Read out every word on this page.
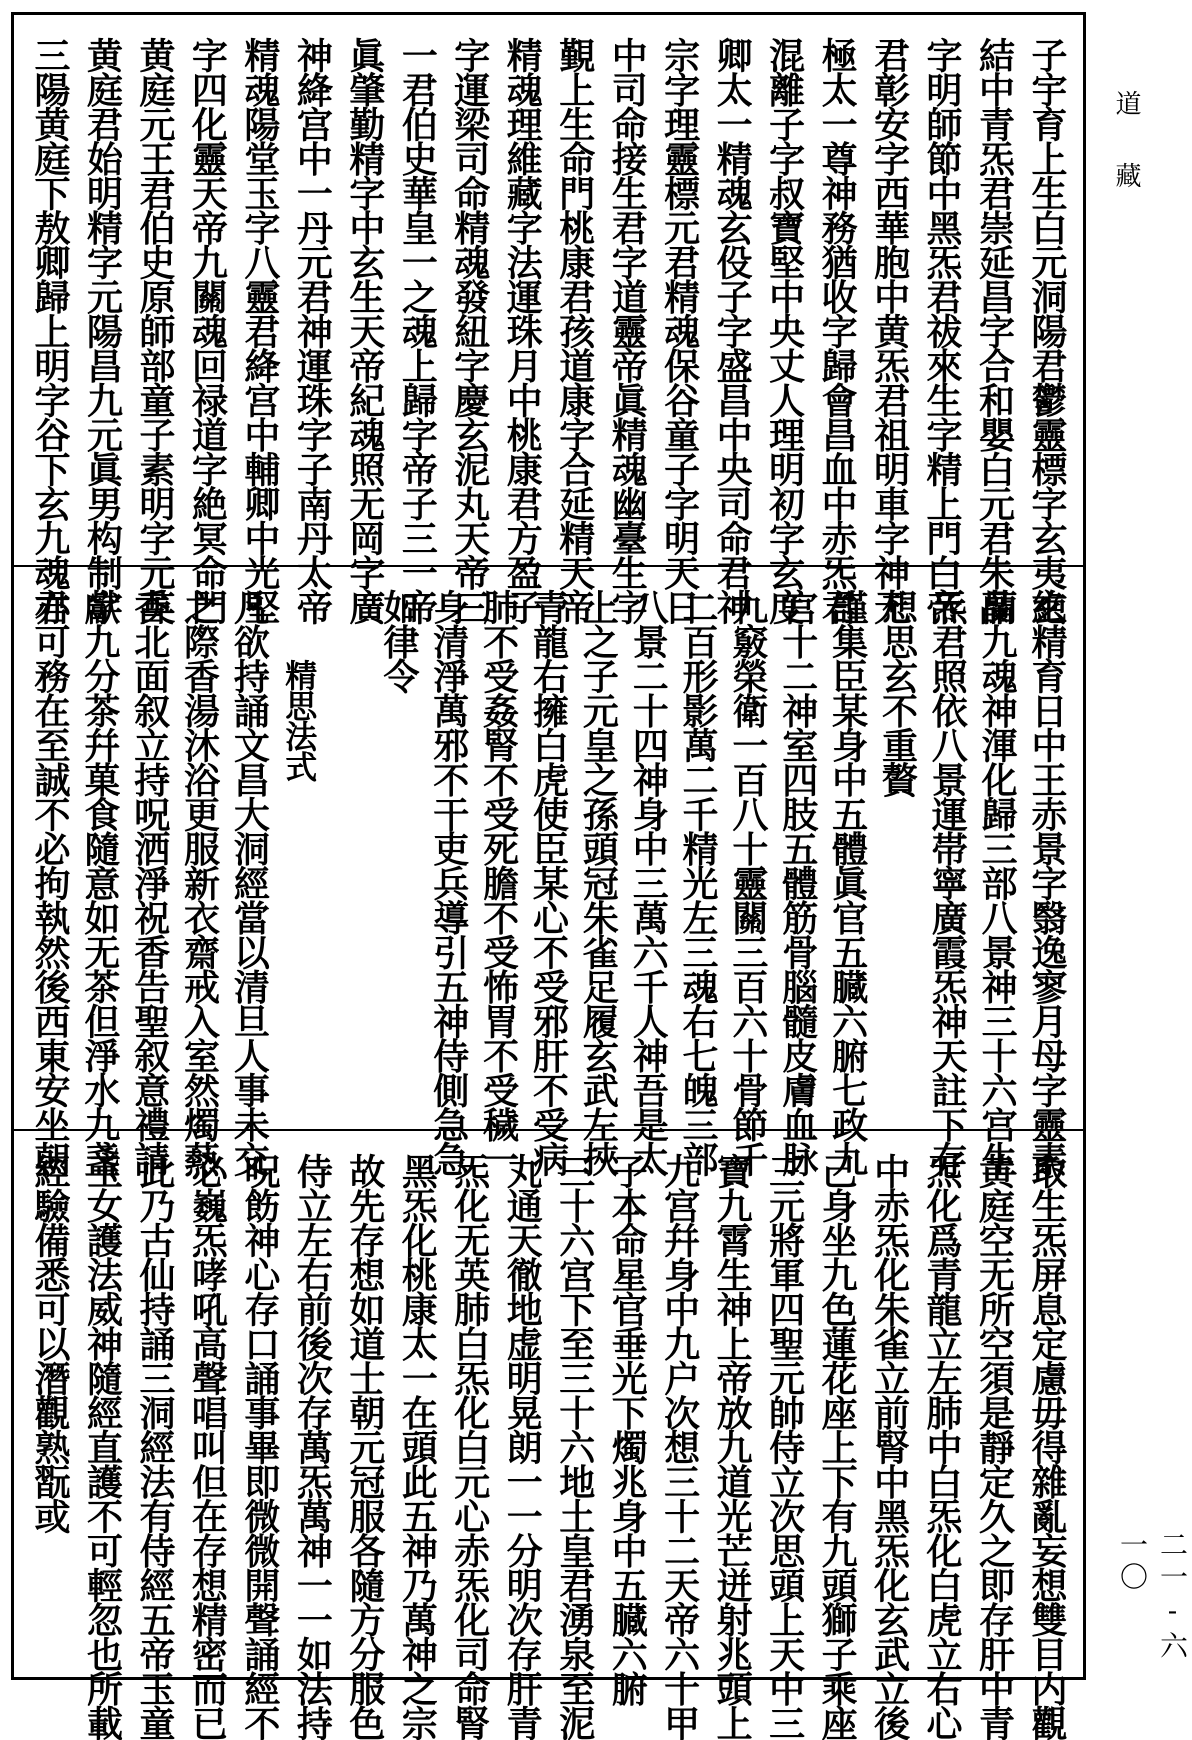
子宇育上生白元洞陽君鬱靈標字玄夷絶
結中青炁君崇延昌字合和嬰白元君朱晶
字明師節中黑炁君祓來生字精上門白帝
君彰安字西華胞中黄炁君祖明車字神无
極太一尊神務猶收字歸會昌血中赤炁君
混離子字叔寶堅中央丈人理明初字玄度
卿太一精魂玄伇子字盛昌中央司命君神
宗字理靈標元君精魂保谷童子字明天日
中司命接生君字道靈帝眞精魂幽臺生字
覲上生命門桃康君孩道康字合延精天帝
精魂理維藏字法運珠月中桃康君方盈子
字運梁司命精魂發紐字慶玄泥丸天帝三
一君伯史華皇一之魂上歸字帝子三一帝
眞肇勤精字中玄生天帝紀魂照无岡字廣
神絳宫中一丹元君神運珠字子南丹太帝
精魂陽堂玉字八靈君絳宫中輔卿中光堅
字四化靈天帝九關魂回禄道字絶冥命門
黄庭元王君伯史原師部童子素明字元英
黄庭君始明精字元陽昌九元眞男构制字
三陽黄庭下敖卿歸上明字谷下玄九魂君
玄精育日中王赤景字翳逸寥月母字靈素
蘭九魂神渾化歸三部八景神三十六宫生
炁君照依八景運帯寧廣霞炁神天註下存
想思玄不重贅
謹集臣某身中五體眞官五臓六腑七政九
宫十二神室四肢五體筋骨腦髓皮膚血脉
九竅榮衛一百八十靈關三百六十骨節千
二百形影萬二千精光左三魂右七魄三部
八景二十四神身中三萬六千人神吾是太
上之子元皇之孫頭冠朱雀足履玄武左挾
青龍右擁白虎使臣某心不受邪肝不受病
肺不受姦腎不受死膽不受怖胃不受穢一
身清淨萬邪不干吏兵導引五神侍側急急
如律令
精思法式
凡欲持誦文昌大洞經當以清旦人事未交
之際香湯沐浴更服新衣齋戒入室然燭爇
香北面叙立持呪洒淨祝香告聖叙意禮請
獻九分茶幷菓食隨意如无茶但淨水九盞
亦可務在至誠不必拘執然後西東安坐朝
取生炁屏息定慮毋得雜亂妄想雙目内觀
黄庭空无所空須是靜定久之即存肝中青
炁化爲青龍立左肺中白炁化白虎立右心
中赤炁化朱雀立前腎中黑炁化玄武立後
己身坐九色蓮花座上下有九頭獅子乘座
三元將軍四聖元帥侍立次思頭上天中三
寶九霄生神上帝放九道光芒迸射兆頭上
九宫幷身中九户次想三十二天帝六十甲
子本命星官垂光下燭兆身中五臓六腑
三十六宫下至三十六地土皇君湧泉至泥
丸通天徹地虚明晃朗一一分明次存肝青
炁化无英肺白炁化白元心赤炁化司命腎
黑炁化桃康太一在頭此五神乃萬神之宗
故先存想如道士朝元冠服各隨方分服色
侍立左右前後次存萬炁萬神一一如法持
呪飭神心存口誦事畢即微微開聲誦經不
必巍炁哮吼高聲唱叫但在存想精密而已
此乃古仙持誦三洞經法有侍經五帝玉童
玉女護法威神隨經直護不可輕忽也所載
經驗備悉可以潛觀熟翫或
道藏
二一-六一〇
